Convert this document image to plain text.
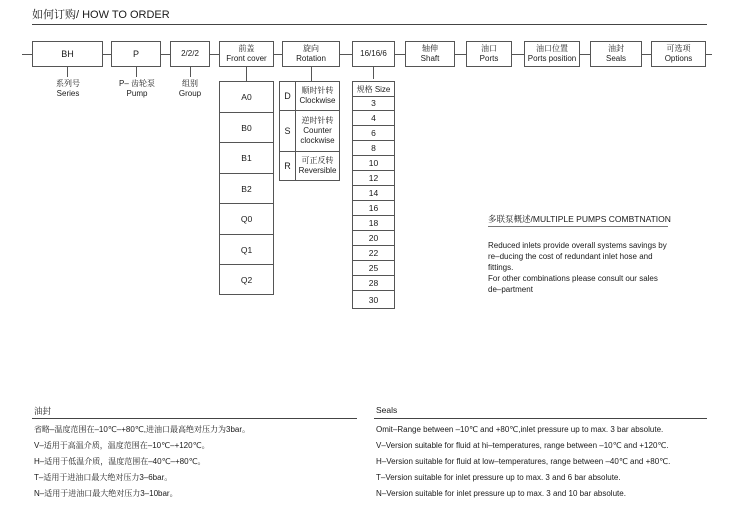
如何订购/ HOW TO ORDER
BH	P	2/2/2
前盖
Front cover
旋向
Rotation
16/16/6
轴伸
Shaft
油口
Ports
油口位置
Ports position
油封
Seals
可选项
Options
系列号
Series
P– 齿轮泵
Pump
组别
Group	A0
B0
B1
B2
Q0
Q1
Q2
D
顺时针转
Clockwise
S
逆时针转
Counter clockwise
R
可正反转
Reversible
规格 Size
3
4
6
8
10
12
14
16
18
20
22
25
28
30
多联泵概述/MULTIPLE PUMPS COMBTNATION
Reduced inlets provide overall systems savings by re–ducing the cost of redundant inlet hose and fittings.
For other combinations please consult our sales de–partment
油封	Seals
省略–温度范围在–10℃–+80℃,进油口最高绝对压力为3bar。
V–适用于高温介质，温度范围在–10℃–+120℃。
H–适用于低温介质，温度范围在–40℃–+80℃。
T–适用于进油口最大绝对压力3–6bar。
N–适用于进油口最大绝对压力3–10bar。
Omit–Range between –10℃ and +80℃,inlet pressure up to max. 3 bar absolute.
V–Version suitable for fluid at hi–temperatures, range between –10℃ and +120℃.
H–Version suitable for fluid at low–temperatures, range between –40℃ and +80℃.
T–Version suitable for inlet pressure up to max. 3 and 6 bar absolute.
N–Version suitable for inlet pressure up to max. 3 and 10 bar absolute.
